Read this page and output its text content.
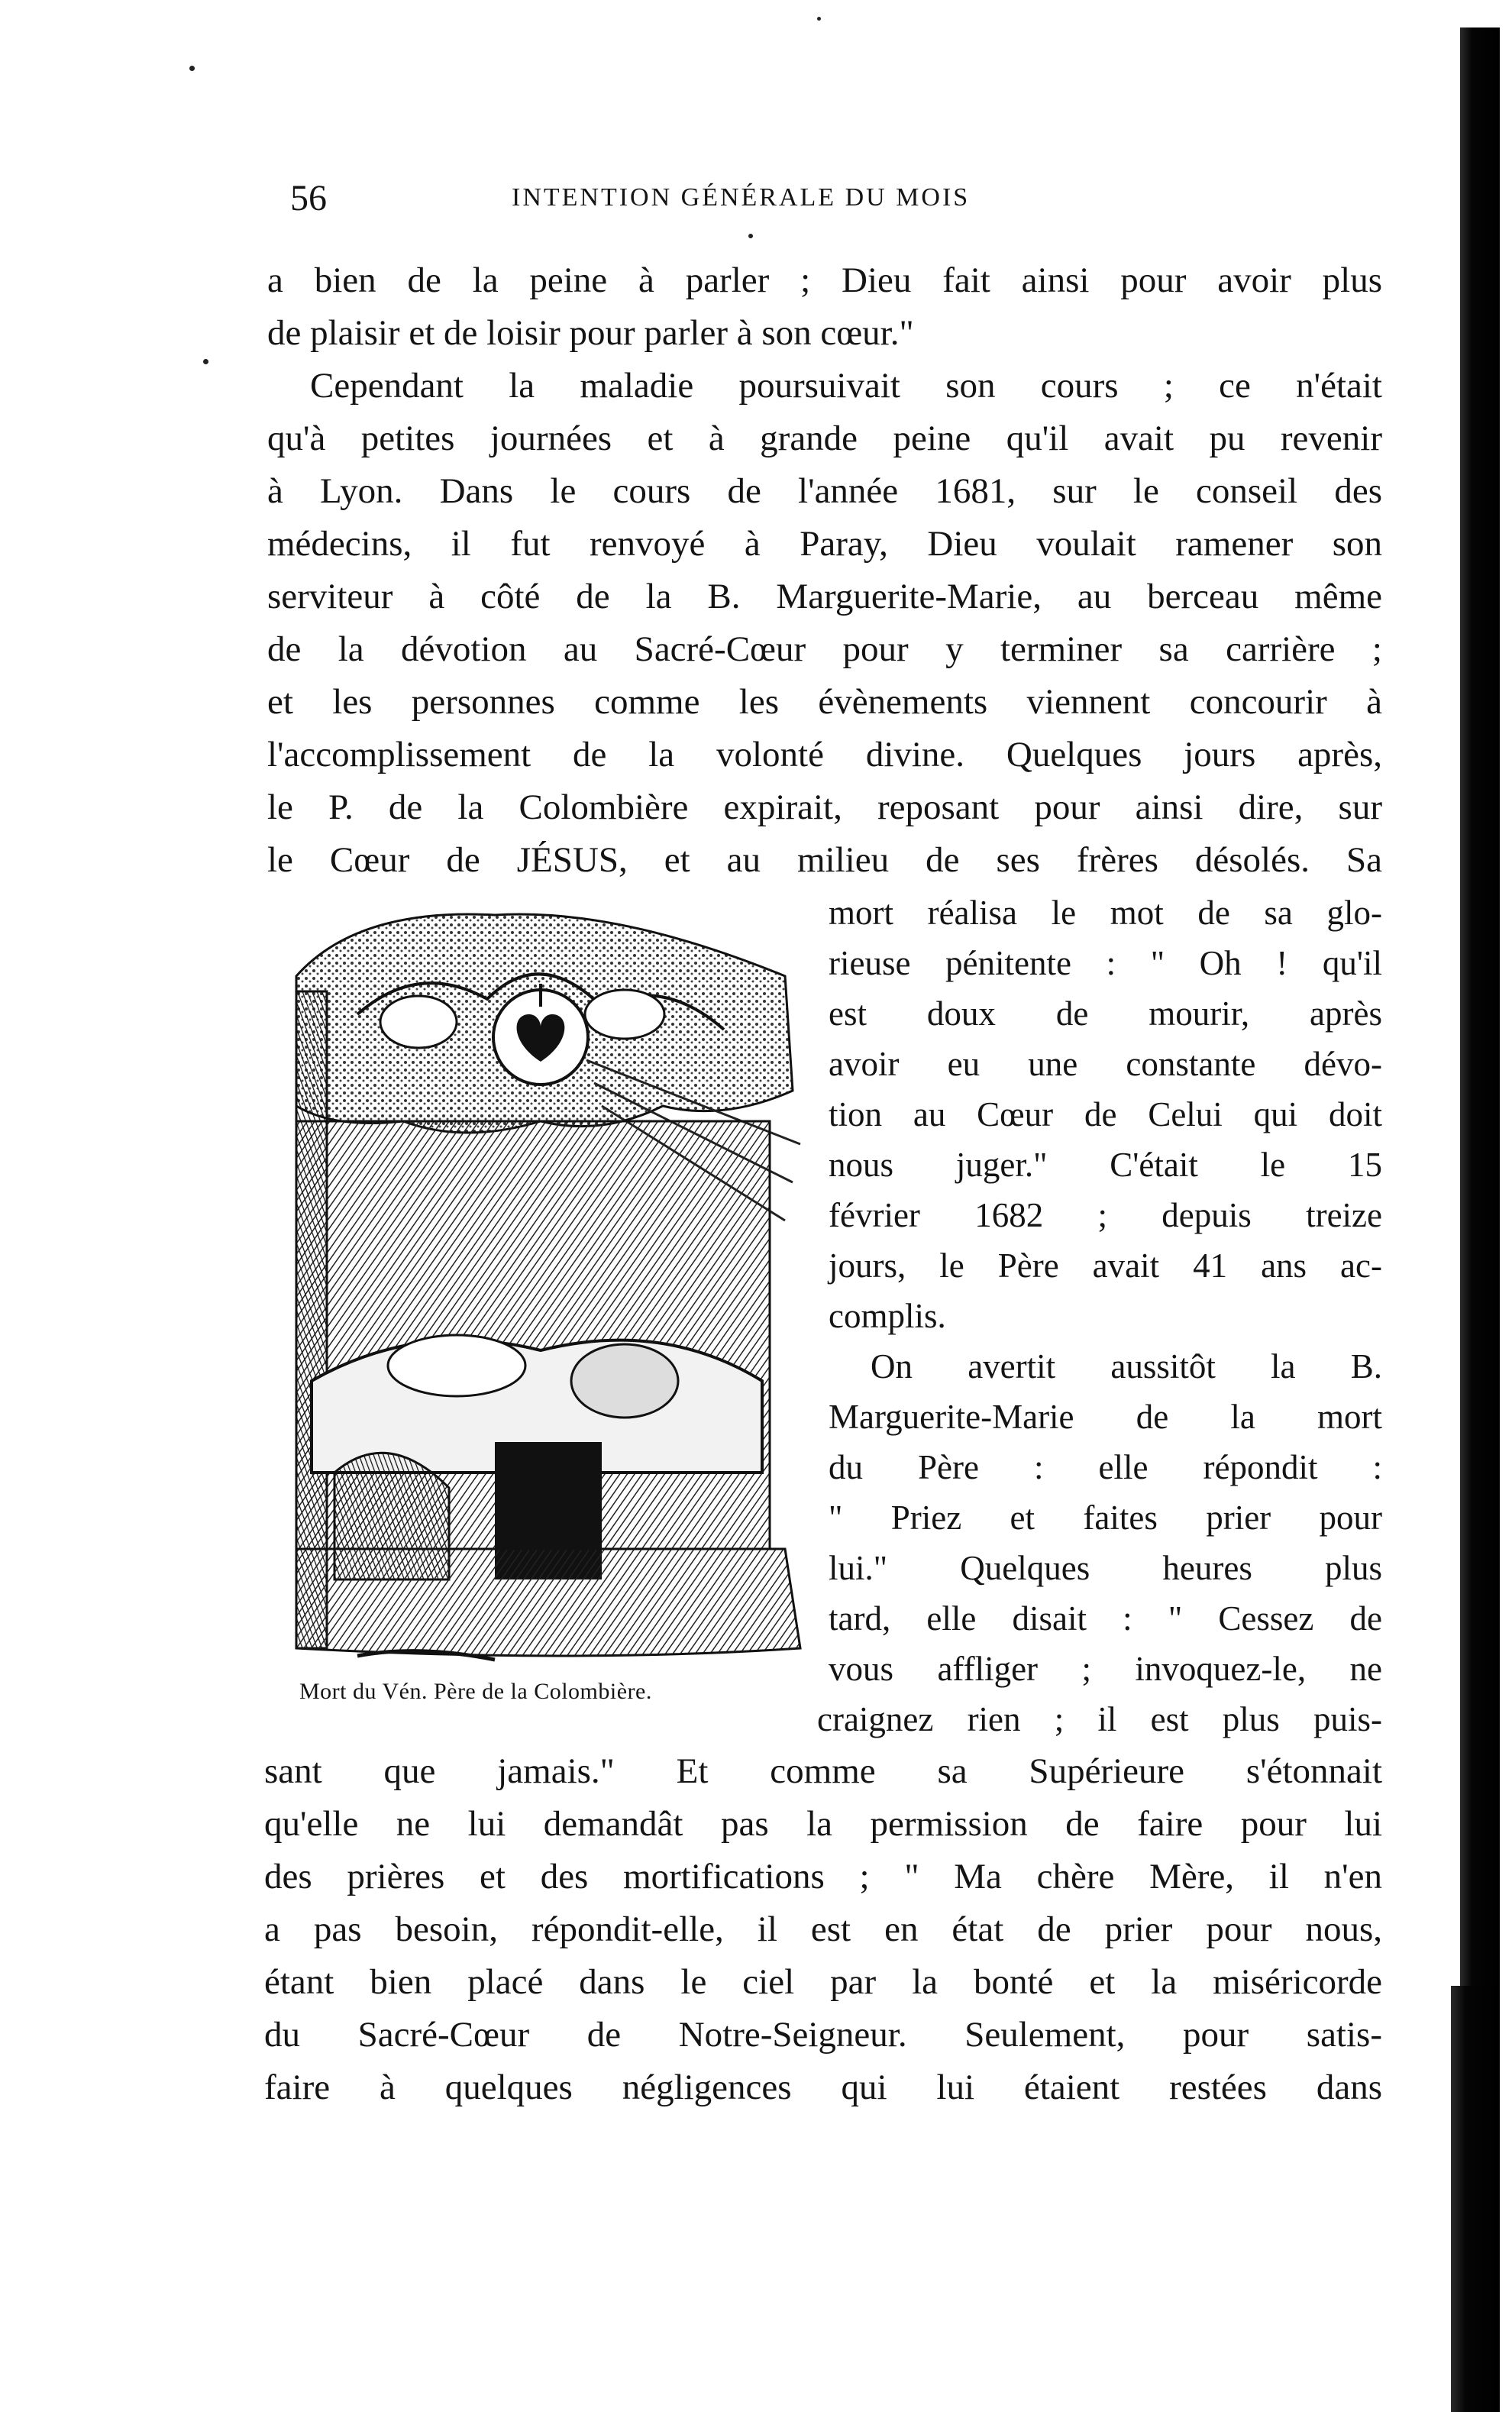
56	INTENTION GÉNÉRALE DU MOIS
a bien de la peine à parler ; Dieu fait ainsi pour avoir plus
de plaisir et de loisir pour parler à son cœur."
Cependant la maladie poursuivait son cours ; ce n'était
qu'à petites journées et à grande peine qu'il avait pu revenir
à Lyon. Dans le cours de l'année 1681, sur le conseil des
médecins, il fut renvoyé à Paray, Dieu voulait ramener son
serviteur à côté de la B. Marguerite-Marie, au berceau même
de la dévotion au Sacré-Cœur pour y terminer sa carrière ;
et les personnes comme les évènements viennent concourir à
l'accomplissement de la volonté divine. Quelques jours après,
le P. de la Colombière expirait, reposant pour ainsi dire, sur
le Cœur de JÉSUS, et au milieu de ses frères désolés. Sa
mort réalisa le mot de sa glo-
rieuse pénitente : " Oh ! qu'il
est doux de mourir, après
avoir eu une constante dévo-
tion au Cœur de Celui qui doit
nous juger." C'était le 15
février 1682 ; depuis treize
jours, le Père avait 41 ans ac-
complis.
On avertit aussitôt la B.
Marguerite-Marie de la mort
du Père : elle répondit :
" Priez et faites prier pour
lui." Quelques heures plus
tard, elle disait : " Cessez de
vous affliger ; invoquez-le, ne
craignez rien ; il est plus puis-
sant que jamais." Et comme sa Supérieure s'étonnait
qu'elle ne lui demandât pas la permission de faire pour lui
des prières et des mortifications ; " Ma chère Mère, il n'en
a pas besoin, répondit-elle, il est en état de prier pour nous,
étant bien placé dans le ciel par la bonté et la miséricorde
du Sacré-Cœur de Notre-Seigneur. Seulement, pour satis-
faire à quelques négligences qui lui étaient restées dans
Mort du Vén. Père de la Colombière.
